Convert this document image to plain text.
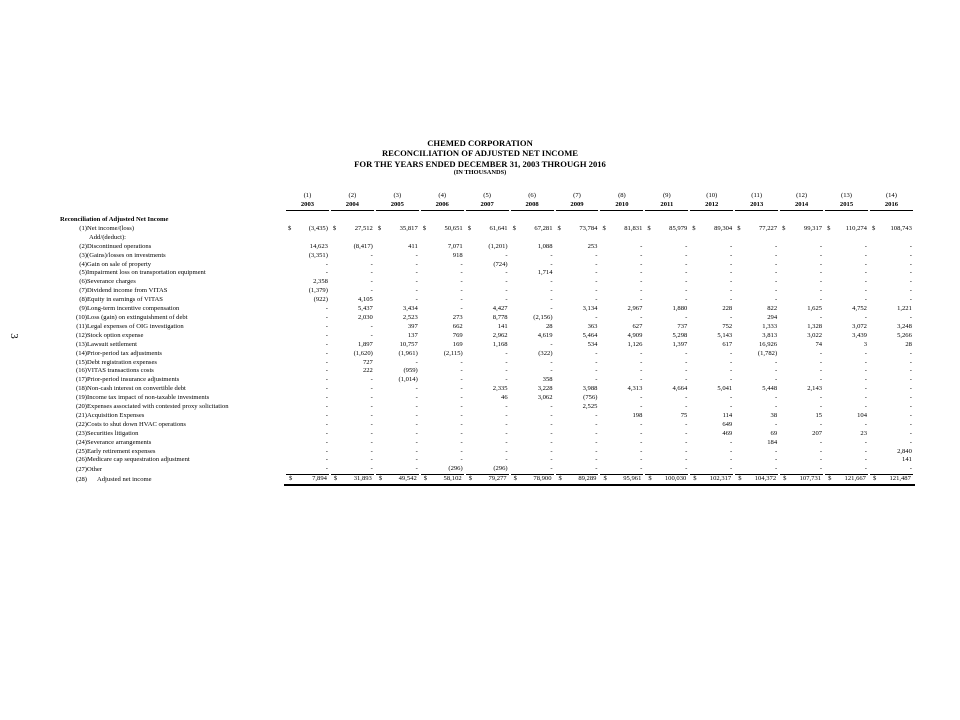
3
CHEMED CORPORATION
RECONCILIATION OF ADJUSTED NET INCOME
FOR THE YEARS ENDED DECEMBER 31, 2003 THROUGH 2016
(IN THOUSANDS)
		(1)	(2)	(3)	(4)	(5)	(6)	(7)	(8)	(9)	(10)	(11)	(12)	(13)	(14)
		2003	2004	2005	2006	2007	2008	2009	2010	2011	2012	2013	2014	2015	2016

Reconciliation of Adjusted Net Income															
(1)	Net income/(loss)	$ (3,435)	$ 27,512	$ 35,817	$ 50,651	$ 61,641	$ 67,281	$ 73,784	$ 81,831	$ 85,979	$ 89,304	$ 77,227	$ 99,317	$ 110,274	$ 108,743

	Add/(deduct):														
(2)	Discontinued operations	14,623	(8,417)	411	7,071	(1,201)	1,088	253	-	-	-	-	-	-	-

(3)	(Gains)/losses on investments	(3,351)	-	-	918	-	-	-	-	-	-	-	-	-	-

(4)	Gain on sale of property	-	-	-	-	(724)	-	-	-	-	-	-	-	-	-

(5)	Impairment loss on transportation equipment	-	-	-	-	-	1,714	-	-	-	-	-	-	-	-

(6)	Severance charges	2,358	-	-	-	-	-	-	-	-	-	-	-	-	-

(7)	Dividend income from VITAS	(1,379)	-	-	-	-	-	-	-	-	-	-	-	-	-

(8)	Equity in earnings of VITAS	(922)	4,105	-	-	-	-	-	-	-	-	-	-	-	-

(9)	Long-term incentive compensation	-	5,437	3,434	-	4,427	-	3,134	2,967	1,880	228	822	1,625	4,752	1,221

(10)	Loss (gain) on extinguishment of debt	-	2,030	2,523	273	8,778	(2,156)	-	-	-	-	294	-	-	-

(11)	Legal expenses of OIG investigation	-	-	397	662	141	28	363	627	737	752	1,333	1,328	3,072	3,248

(12)	Stock option expense	-	-	137	769	2,962	4,619	5,464	4,909	5,298	5,143	3,813	3,022	3,439	5,266

(13)	Lawsuit settlement	-	1,897	10,757	169	1,168	-	534	1,126	1,397	617	16,926	74	3	28

(14)	Prior-period tax adjustments	-	(1,620)	(1,961)	(2,115)	-	(322)	-	-	-	-	(1,782)	-	-	-

(15)	Debt registration expenses	-	727	-	-	-	-	-	-	-	-	-	-	-	-

(16)	VITAS transactions costs	-	222	(959)	-	-	-	-	-	-	-	-	-	-	-

(17)	Prior-period insurance adjustments	-	-	(1,014)	-	-	358	-	-	-	-	-	-	-	-

(18)	Non-cash interest on convertible debt	-	-	-	-	2,335	3,228	3,988	4,313	4,664	5,041	5,448	2,143	-	-

(19)	Income tax impact of non-taxable investments	-	-	-	-	46	3,062	(756)	-	-	-	-	-	-	-

(20)	Expenses associated with contested proxy solicitation	-	-	-	-	-	-	2,525	-	-	-	-	-	-	-

(21)	Acquisition Expenses	-	-	-	-	-	-	-	198	75	114	38	15	104	-

(22)	Costs to shut down HVAC operations	-	-	-	-	-	-	-	-	-	649	-	-	-	-

(23)	Securities litigation	-	-	-	-	-	-	-	-	-	469	69	207	23	-

(24)	Severance arrangements	-	-	-	-	-	-	-	-	-	-	184	-	-	-

(25)	Early retirement expenses	-	-	-	-	-	-	-	-	-	-	-	-	-	2,840

(26)	Medicare cap sequestration adjustment	-	-	-	-	-	-	-	-	-	-	-	-	-	141

(27)	Other	-	-	-	(296)	(296)	-	-	-	-	-	-	-	-	-

(28)	Adjusted net income	$ 7,894	$ 31,893	$ 49,542	$ 58,102	$ 79,277	$ 78,900	$ 89,289	$ 95,961	$ 100,030	$ 102,317	$ 104,372	$ 107,731	$ 121,667	$ 121,487
